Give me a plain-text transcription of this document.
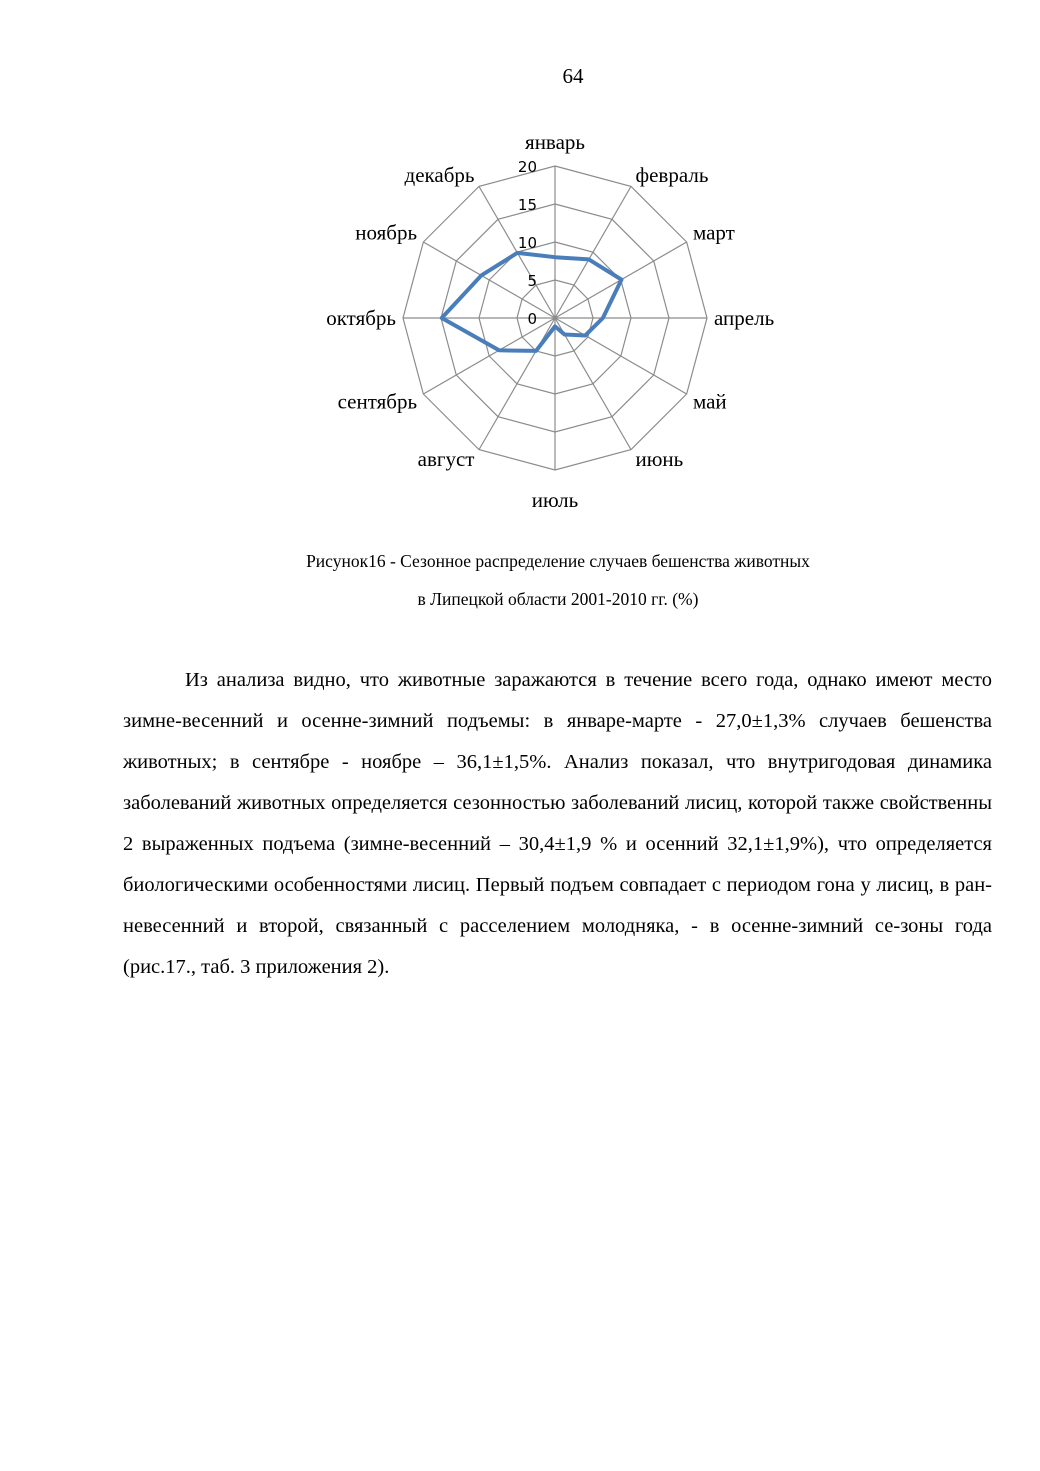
64
0
5
10
15
20
январь
февраль
март
апрель
май
июнь
июль
август
сентябрь
октябрь
ноябрь
декабрь
Рисунок16 - Сезонное распределение случаев бешенства животных
в Липецкой области 2001-2010 гг. (%)

Из анализа видно, что животные заражаются в течение всего года, однако имеют место зимне-весенний и осенне-зимний подъемы: в январе-марте - 27,0±1,3% случаев бешенства животных; в сентябре - ноябре – 36,1±1,5%. Анализ показал, что внутригодовая динамика заболеваний животных определяется сезонностью заболеваний лисиц, которой также свойственны 2 выраженных подъема (зимне-весенний – 30,4±1,9 % и осенний 32,1±1,9%), что определяется биологическими особенностями лисиц. Первый подъем совпадает с периодом гона у лисиц, в ран-невесенний и второй, связанный с расселением молодняка, - в осенне-зимний се-зоны года (рис.17., таб. 3 приложения 2).
